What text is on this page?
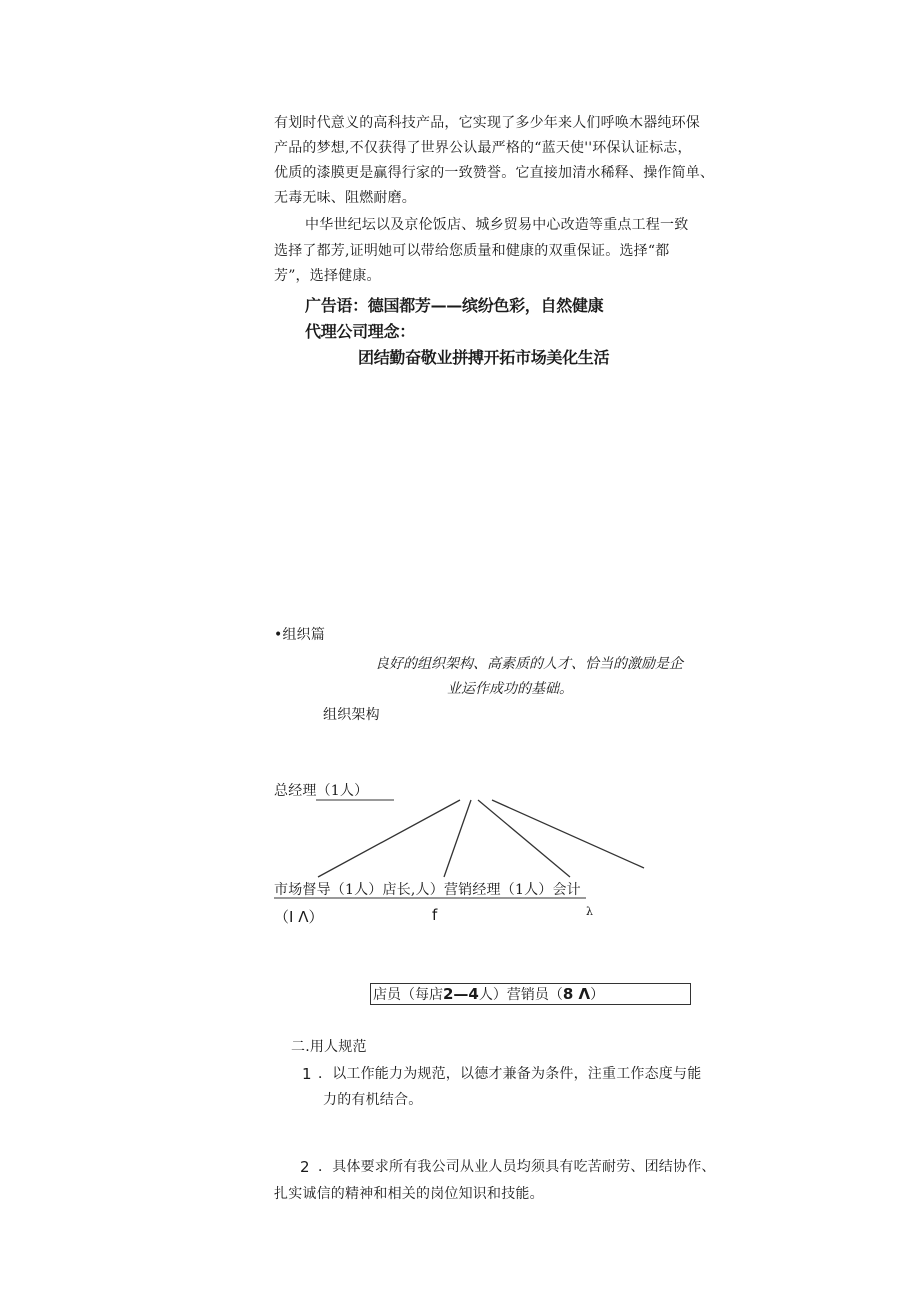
有划时代意义的高科技产品，它实现了多少年来人们呼唤木器纯环保
产品的梦想,不仅获得了世界公认最严格的“蓝天使''环保认证标志，
优质的漆膜更是赢得行家的一致赞誉。它直接加清水稀释、操作简单、
无毒无味、阻燃耐磨。
中华世纪坛以及京伦饭店、城乡贸易中心改造等重点工程一致
选择了都芳,证明她可以带给您质量和健康的双重保证。选择“都
芳”，选择健康。
广告语：德国都芳——缤纷色彩，自然健康
代理公司理念：
团结勤奋敬业拼搏开拓市场美化生活
•组织篇
良好的组织架构、高素质的人才、恰当的激励是企
业运作成功的基础。
组织架构
总经理（1人）
市场督导（1人）店长,人）营销经理（1人）会计
（I Λ）	f	λ
店员（每店2—4人）营销员（8 Λ）
二.用人规范
1 ．以工作能力为规范，以德才兼备为条件，注重工作态度与能
力的有机结合。
2 ．具体要求所有我公司从业人员均须具有吃苦耐劳、团结协作、
扎实诚信的精神和相关的岗位知识和技能。
